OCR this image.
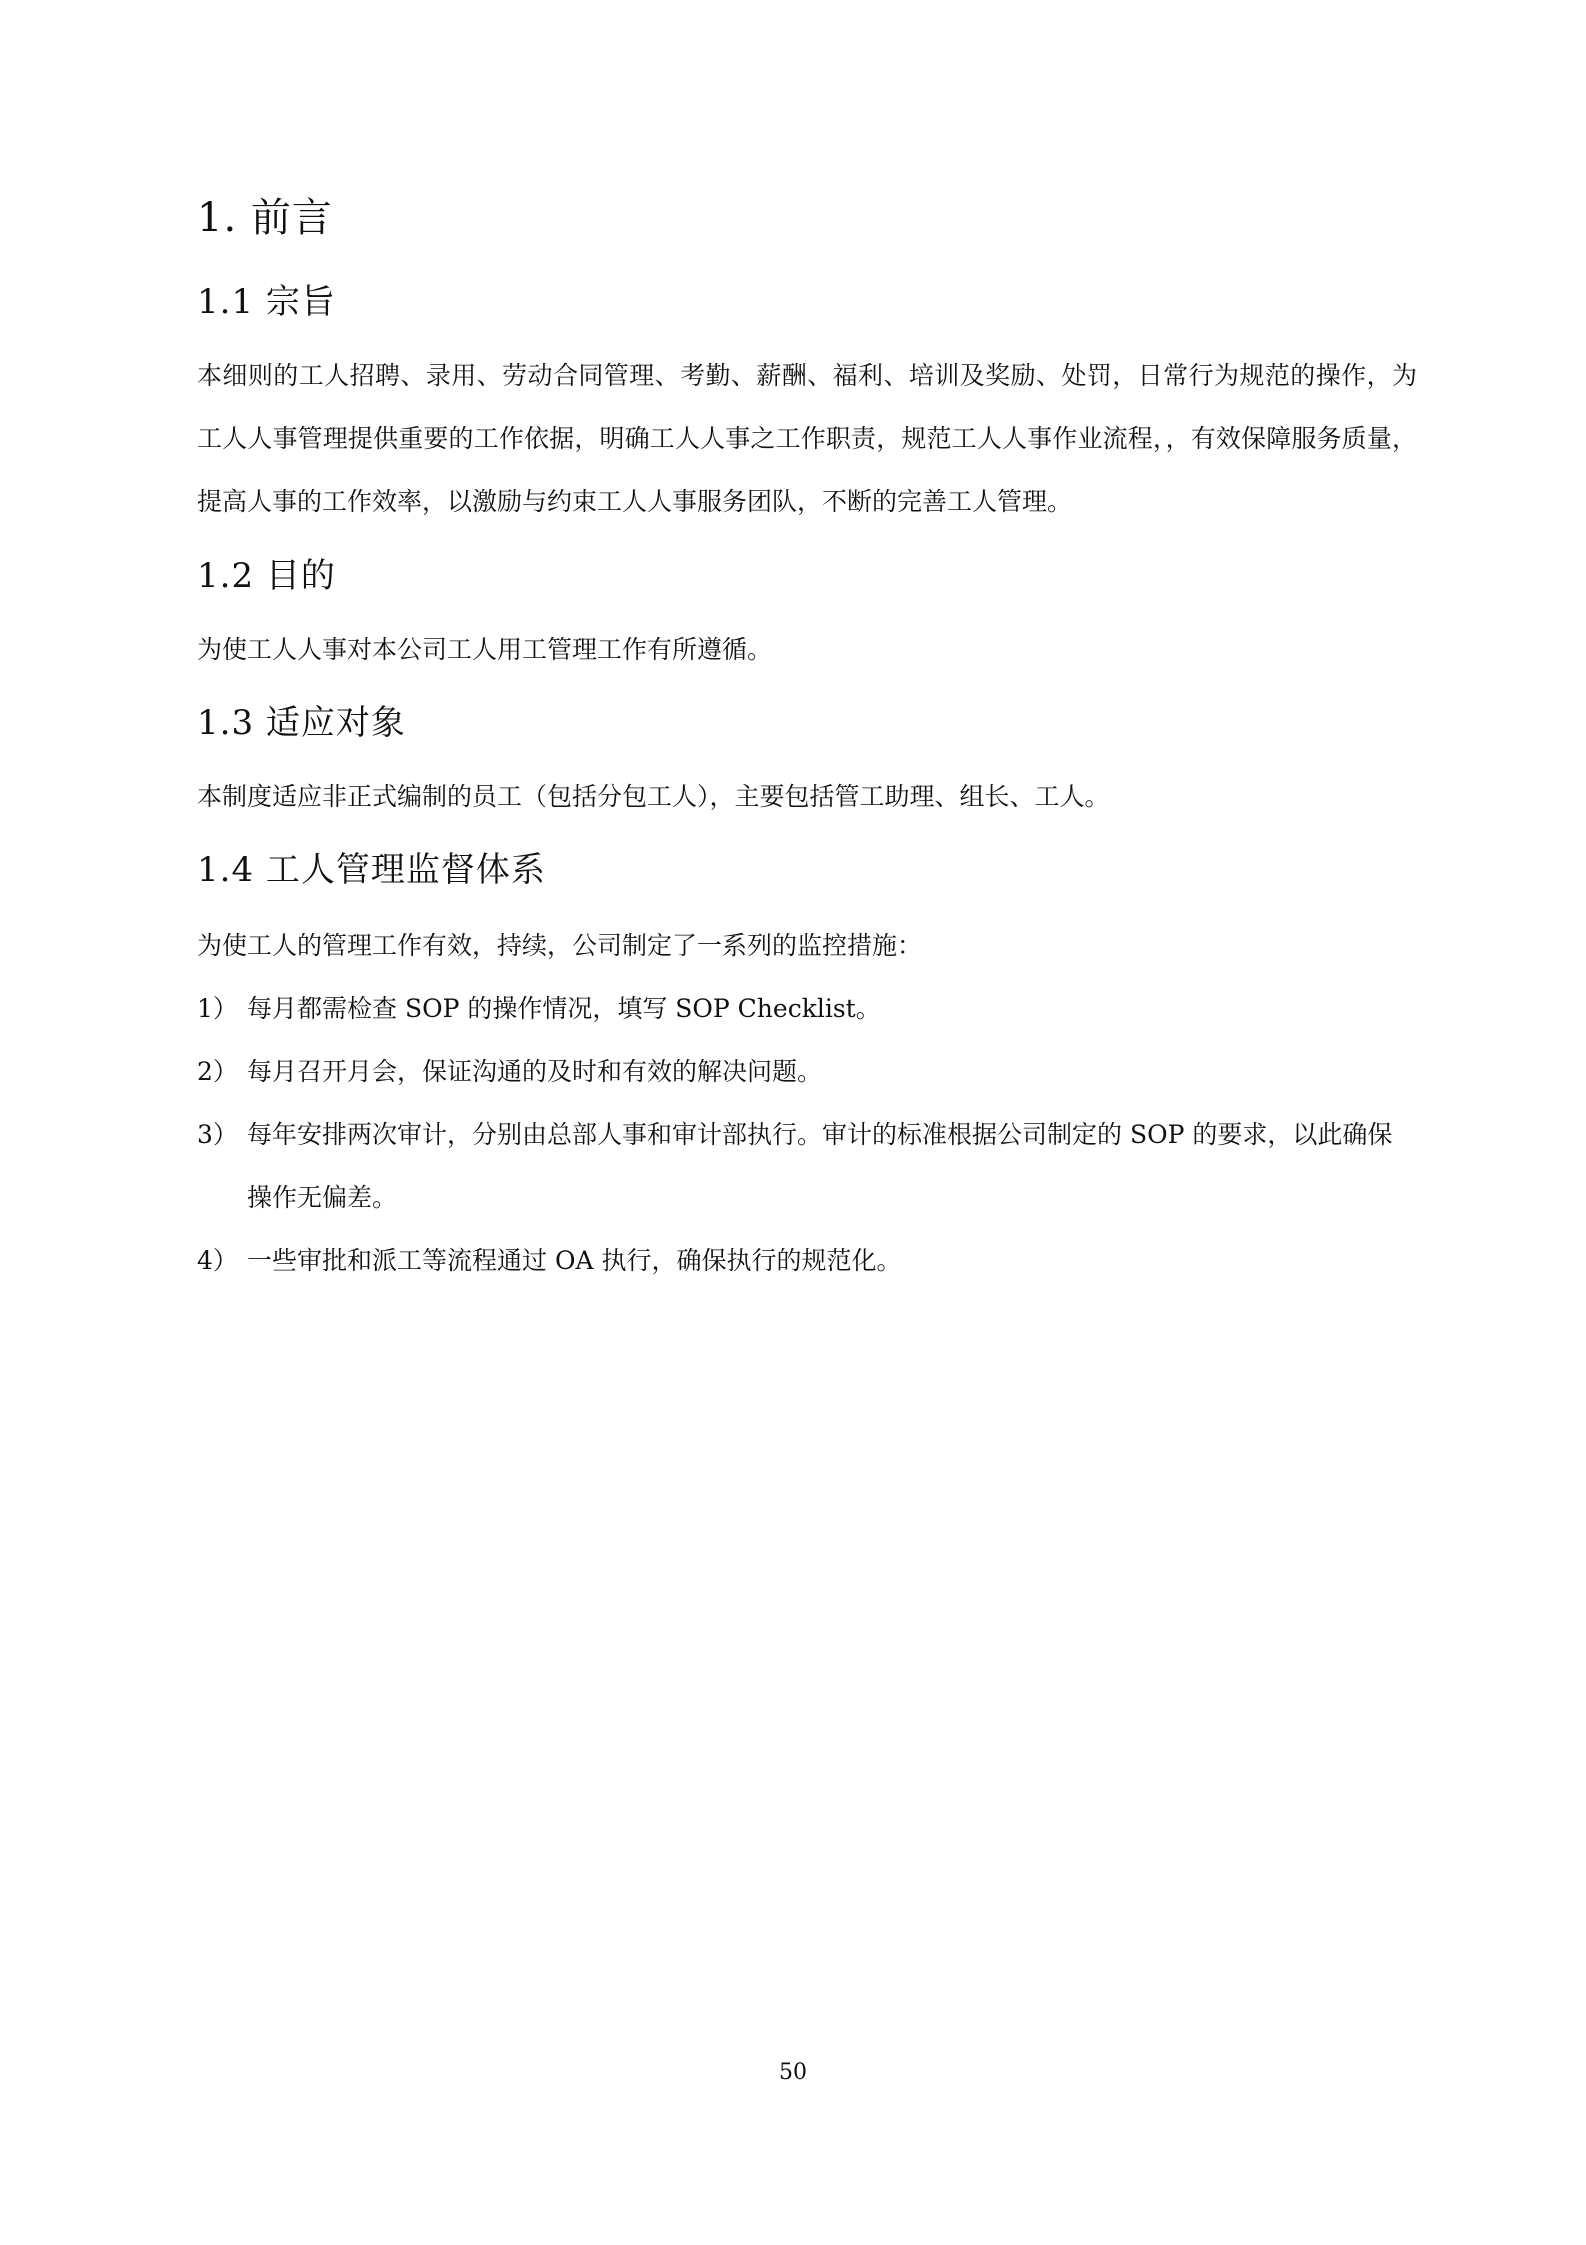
1. 前言
1.1 宗旨

本细则的工人招聘、录用、劳动合同管理、考勤、薪酬、福利、培训及奖励、处罚，日常行为规范的操作，为工人人事管理提供重要的工作依据，明确工人人事之工作职责，规范工人人事作业流程，，有效保障服务质量，提高人事的工作效率，以激励与约束工人人事服务团队，不断的完善工人管理。

1.2 目的

为使工人人事对本公司工人用工管理工作有所遵循。

1.3 适应对象

本制度适应非正式编制的员工（包括分包工人），主要包括管工助理、组长、工人。

1.4 工人管理监督体系

为使工人的管理工作有效，持续，公司制定了一系列的监控措施：

1） 每月都需检查 SOP 的操作情况，填写 SOP Checklist。
2） 每月召开月会，保证沟通的及时和有效的解决问题。
3） 每年安排两次审计，分别由总部人事和审计部执行。审计的标准根据公司制定的 SOP 的要求，以此确保操作无偏差。
4） 一些审批和派工等流程通过 OA 执行，确保执行的规范化。
50
